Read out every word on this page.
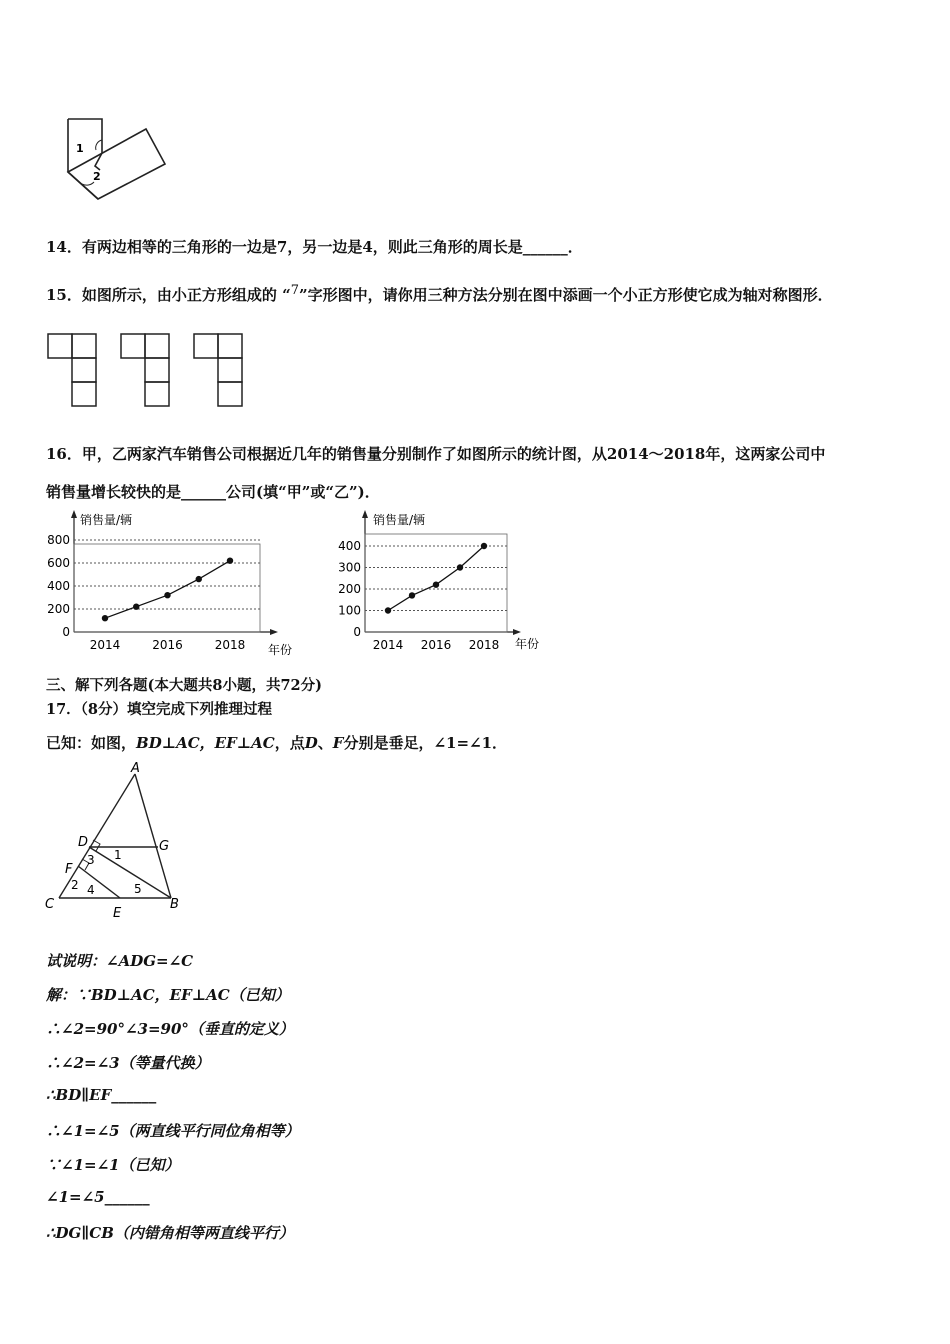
1
2
14．有两边相等的三角形的一边是7，另一边是4，则此三角形的周长是______．
15．如图所示，由小正方形组成的 “$^7$”字形图中，请你用三种方法分别在图中添画一个小正方形使它成为轴对称图形．
16．甲，乙两家汽车销售公司根据近几年的销售量分别制作了如图所示的统计图，从2014～2018年，这两家公司中
销售量增长较快的是______公司(填“甲”或“乙”)．
销售量/辆
年份
800
600
400
200
0
2014	2016	2018
销售量/辆
年份
400
300
200
100
0
2014 2016 2018
三、解下列各题(本大题共8小题，共72分)
17．（8分）填空完成下列推理过程
已知：如图，BD⊥AC，EF⊥AC，点D、F分别是垂足，∠1=∠1．
A
D	G
F
C
E
B
1
3
2 4	5
试说明：∠ADG=∠C
解：∵BD⊥AC，EF⊥AC（已知）
∴∠2=90°∠3=90°（垂直的定义）
∴∠2=∠3（等量代换）
∴BD∥EF______
∴∠1=∠5（两直线平行同位角相等）
∵∠1=∠1（已知）
∠1=∠5______
∴DG∥CB（内错角相等两直线平行）
